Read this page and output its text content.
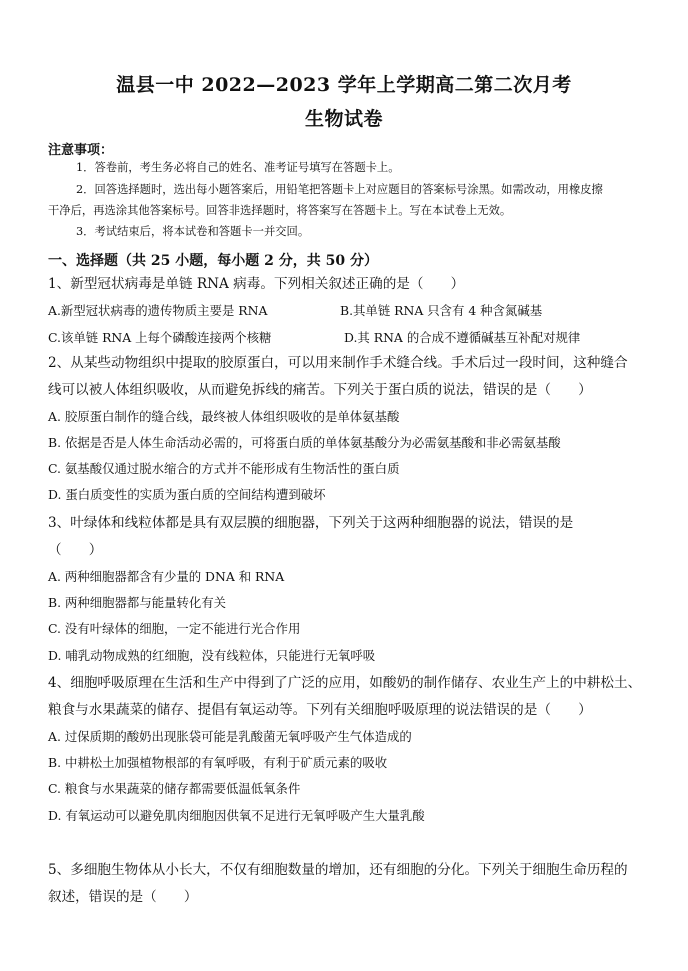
温县一中 2022—2023 学年上学期高二第二次月考
生物试卷
注意事项：
1．答卷前，考生务必将自己的姓名、准考证号填写在答题卡上。
2．回答选择题时，选出每小题答案后，用铅笔把答题卡上对应题目的答案标号涂黑。如需改动，用橡皮擦
干净后，再选涂其他答案标号。回答非选择题时，将答案写在答题卡上。写在本试卷上无效。
3．考试结束后，将本试卷和答题卡一并交回。
一、选择题（共 25 小题，每小题 2 分，共 50 分）
1、新型冠状病毒是单链 RNA 病毒。下列相关叙述正确的是（　　）
A.新型冠状病毒的遗传物质主要是 RNA	B.其单链 RNA 只含有 4 种含氮碱基
C.该单链 RNA 上每个磷酸连接两个核糖	D.其 RNA 的合成不遵循碱基互补配对规律
2、从某些动物组织中提取的胶原蛋白，可以用来制作手术缝合线。手术后过一段时间，这种缝合
线可以被人体组织吸收，从而避免拆线的痛苦。下列关于蛋白质的说法，错误的是（　　）
A. 胶原蛋白制作的缝合线，最终被人体组织吸收的是单体氨基酸
B. 依据是否是人体生命活动必需的，可将蛋白质的单体氨基酸分为必需氨基酸和非必需氨基酸
C. 氨基酸仅通过脱水缩合的方式并不能形成有生物活性的蛋白质
D. 蛋白质变性的实质为蛋白质的空间结构遭到破坏
3、叶绿体和线粒体都是具有双层膜的细胞器，下列关于这两种细胞器的说法，错误的是
（　　）
A. 两种细胞器都含有少量的 DNA 和 RNA
B. 两种细胞器都与能量转化有关
C. 没有叶绿体的细胞，一定不能进行光合作用
D. 哺乳动物成熟的红细胞，没有线粒体，只能进行无氧呼吸
4、细胞呼吸原理在生活和生产中得到了广泛的应用，如酸奶的制作储存、农业生产上的中耕松土、
粮食与水果蔬菜的储存、提倡有氧运动等。下列有关细胞呼吸原理的说法错误的是（　　）
A. 过保质期的酸奶出现胀袋可能是乳酸菌无氧呼吸产生气体造成的
B. 中耕松土加强植物根部的有氧呼吸，有利于矿质元素的吸收
C. 粮食与水果蔬菜的储存都需要低温低氧条件
D. 有氧运动可以避免肌肉细胞因供氧不足进行无氧呼吸产生大量乳酸
5、多细胞生物体从小长大，不仅有细胞数量的增加，还有细胞的分化。下列关于细胞生命历程的
叙述，错误的是（　　）
